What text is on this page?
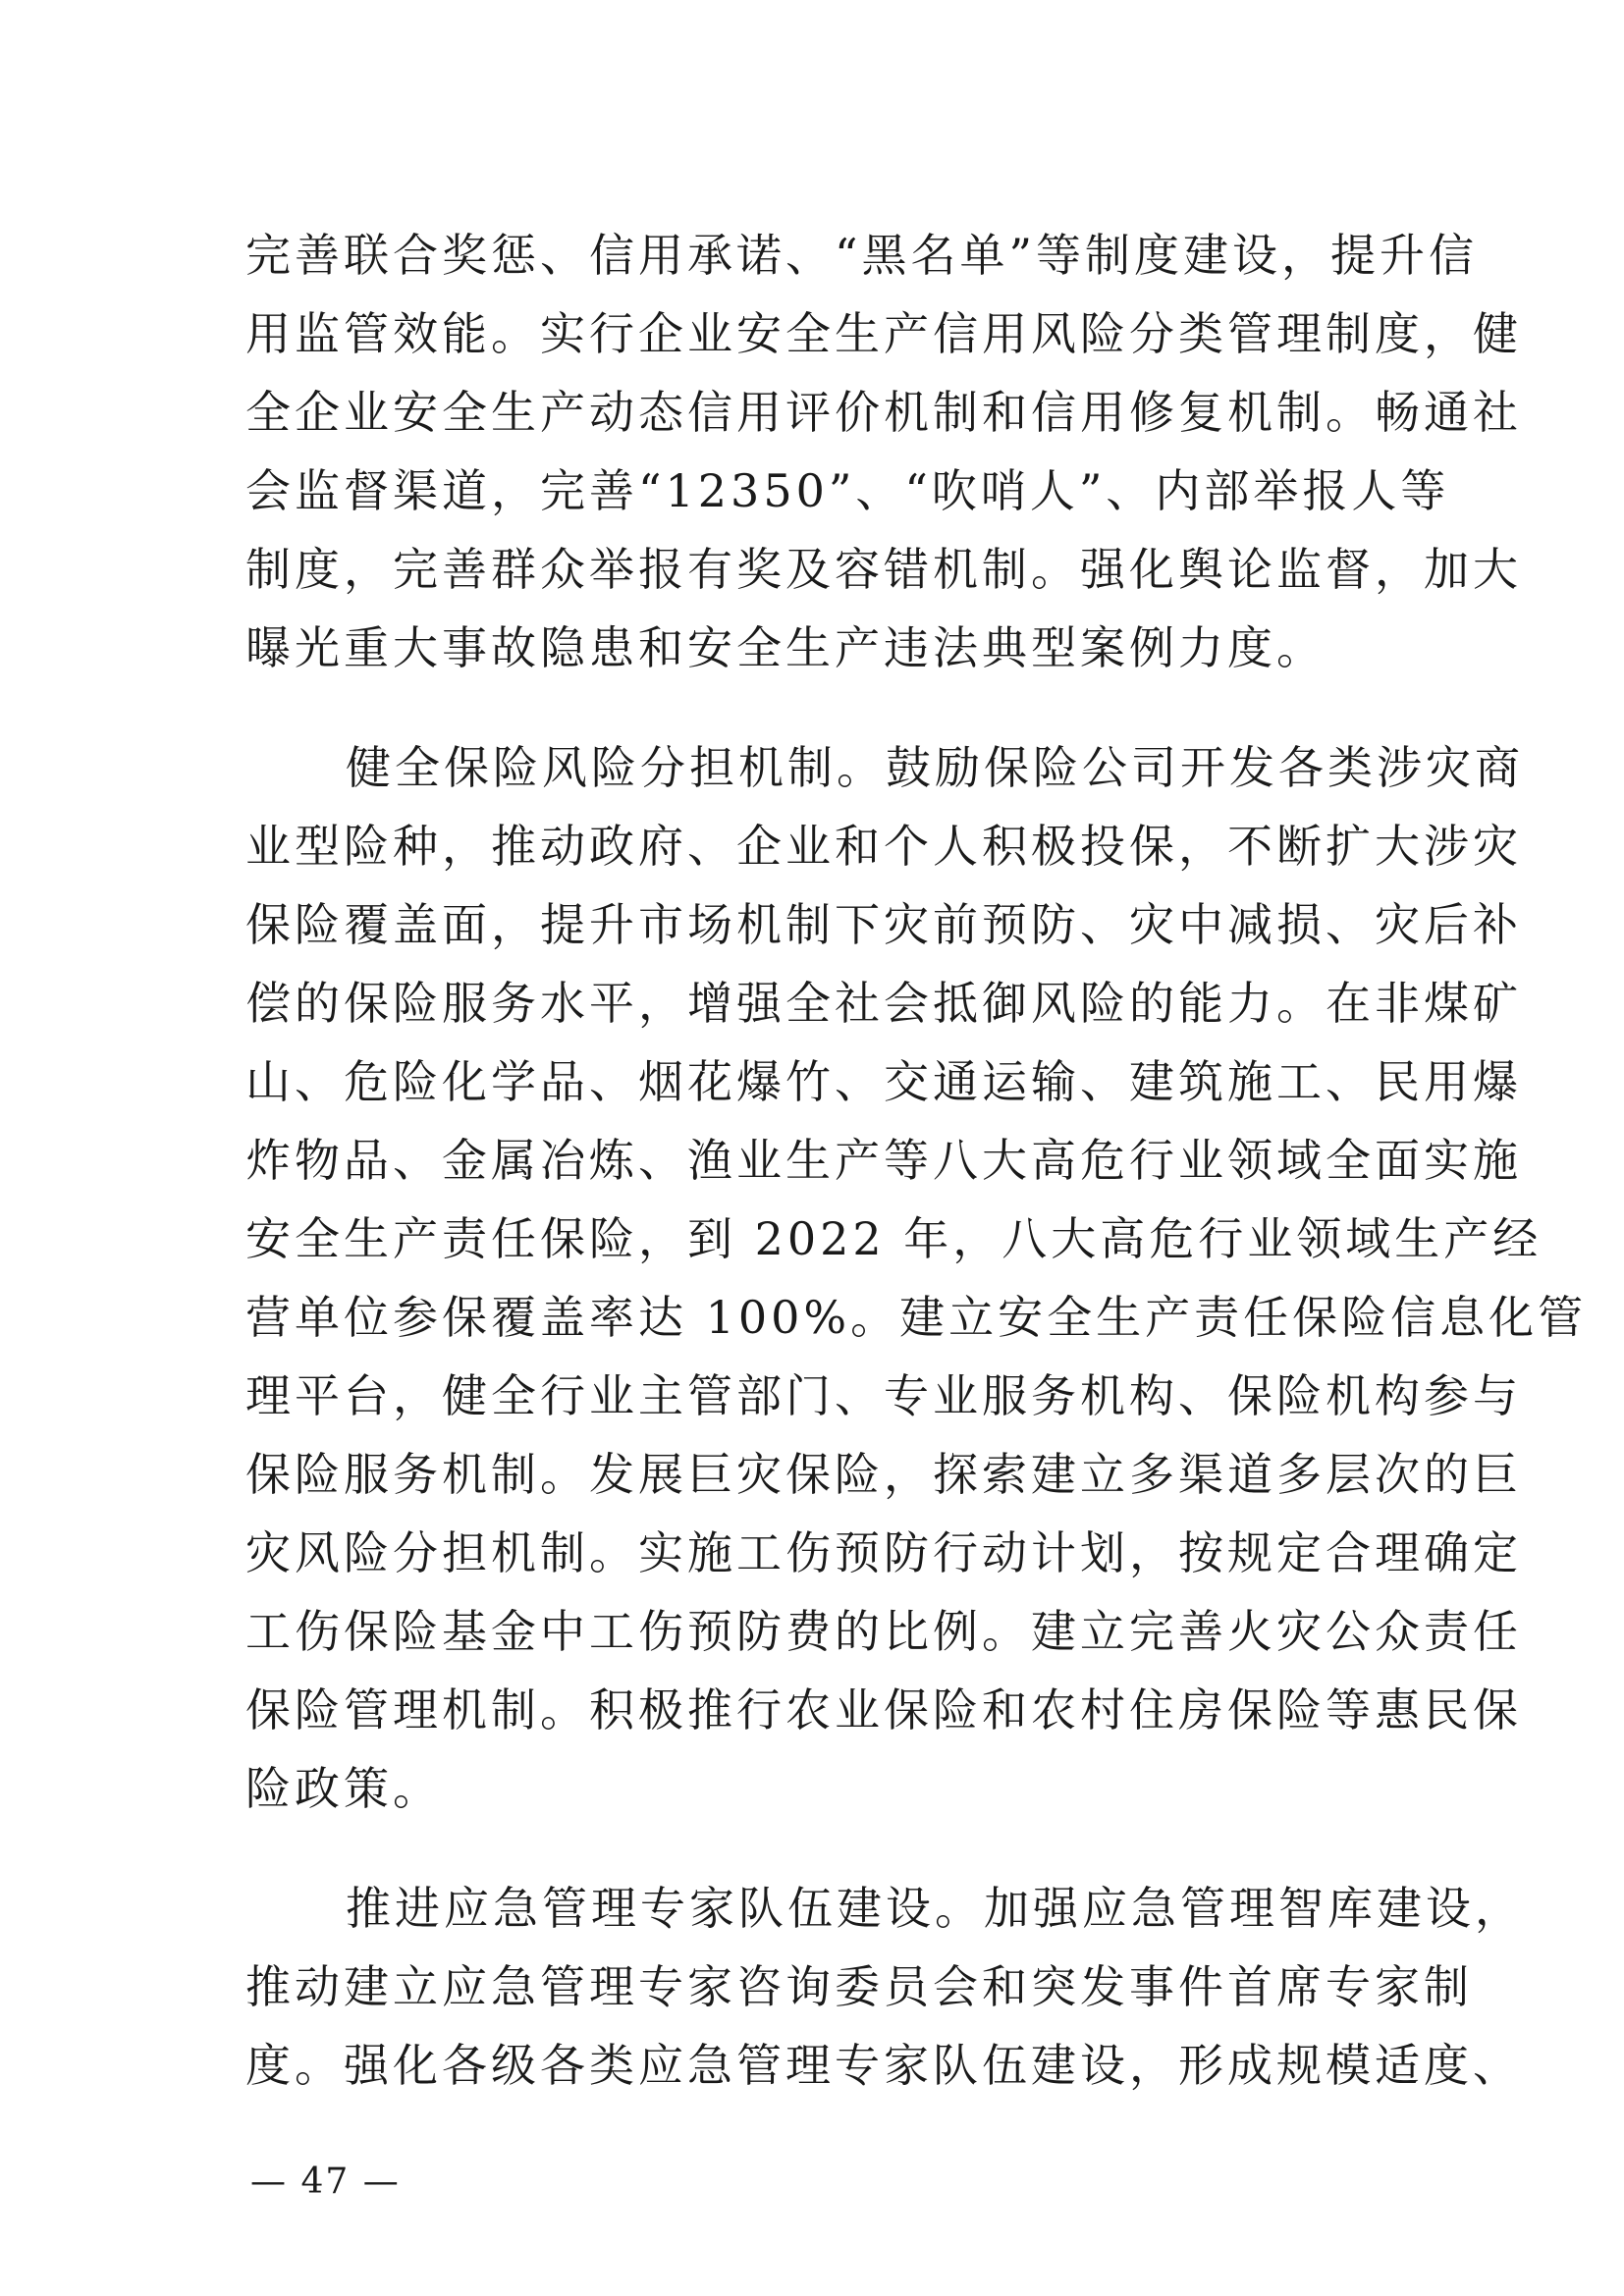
完善联合奖惩、信用承诺、“黑名单”等制度建设，提升信
用监管效能。实行企业安全生产信用风险分类管理制度，健
全企业安全生产动态信用评价机制和信用修复机制。畅通社
会监督渠道，完善“12350”、“吹哨人”、内部举报人等
制度，完善群众举报有奖及容错机制。强化舆论监督，加大
曝光重大事故隐患和安全生产违法典型案例力度。
健全保险风险分担机制。鼓励保险公司开发各类涉灾商
业型险种，推动政府、企业和个人积极投保，不断扩大涉灾
保险覆盖面，提升市场机制下灾前预防、灾中减损、灾后补
偿的保险服务水平，增强全社会抵御风险的能力。在非煤矿
山、危险化学品、烟花爆竹、交通运输、建筑施工、民用爆
炸物品、金属冶炼、渔业生产等八大高危行业领域全面实施
安全生产责任保险，到 2022 年，八大高危行业领域生产经
营单位参保覆盖率达 100%。建立安全生产责任保险信息化管
理平台，健全行业主管部门、专业服务机构、保险机构参与
保险服务机制。发展巨灾保险，探索建立多渠道多层次的巨
灾风险分担机制。实施工伤预防行动计划，按规定合理确定
工伤保险基金中工伤预防费的比例。建立完善火灾公众责任
保险管理机制。积极推行农业保险和农村住房保险等惠民保
险政策。
推进应急管理专家队伍建设。加强应急管理智库建设，
推动建立应急管理专家咨询委员会和突发事件首席专家制
度。强化各级各类应急管理专家队伍建设，形成规模适度、
— 47 —
